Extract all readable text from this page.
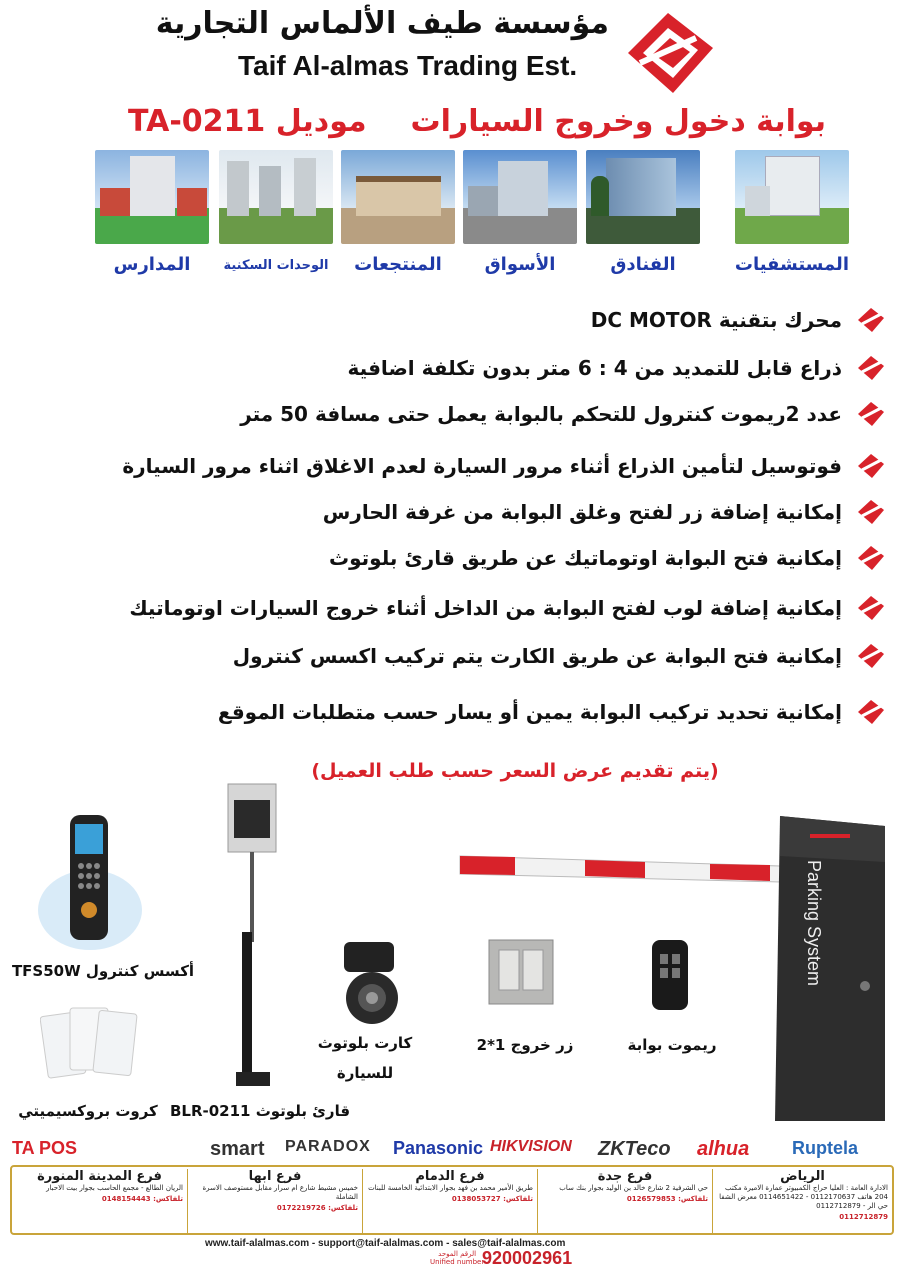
مؤسسة طيف الألماس التجارية
Taif Al-almas Trading Est.
بوابة دخول وخروج السيارات
موديل TA-0211
المستشفيات
الفنادق
الأسواق
المنتجعات
الوحدات السكنية
المدارس
محرك بتقنية DC MOTOR
ذراع قابل للتمديد من 4 : 6 متر بدون تكلفة اضافية
عدد 2ريموت كنترول للتحكم بالبوابة يعمل حتى مسافة 50 متر
فوتوسيل لتأمين الذراع أثناء مرور السيارة لعدم الاغلاق اثناء مرور السيارة
إمكانية إضافة زر لفتح وغلق البوابة من غرفة الحارس
إمكانية فتح البوابة اوتوماتيك عن طريق قارئ بلوتوث
إمكانية إضافة لوب لفتح البوابة من الداخل أثناء خروج السيارات اوتوماتيك
إمكانية فتح البوابة عن طريق الكارت يتم تركيب اكسس كنترول
إمكانية تحديد تركيب البوابة يمين أو يسار حسب متطلبات الموقع
(يتم تقديم عرض السعر حسب طلب العميل)
أكسس كنترول TFS50W
كروت بروكسيميتي قارئ بلوتوث BLR-0211
كارت بلوتوث
للسيارة
زر خروج 1*2	ريموت بوابة
Parking System
TA POS	smart PARADOX Panasonic HIKVISION ZKTeco alhua Ruptela
الرياض
الادارة العامة : العليا حراج الكمبيوتر عمارة الاميرة مكتب 204 هاتف 0112170637 - 0114651422 معرض الشفا حي الر - 0112712879
0112712879
فرع جدة
حي الشرفية 2 شارع خالد بن الوليد بجوار بنك ساب
تلفاكس: 0126579853
فرع الدمام
طريق الأمير محمد بن فهد بجوار الابتدائية الخامسة للبنات
تلفاكس: 0138053727
فرع ابها
خميس مشيط شارع ام سرار مقابل مستوصف الاسرة الشاملة
تلفاكس: 0172219726
فرع المدينة المنورة
الريان الطالع - مجمع الحاسب بجوار بيت الاحبار
تلفاكس: 0148154443
www.taif-alalmas.com - support@taif-alalmas.com - sales@taif-alalmas.com
الرقم الموحد
Unified number
920002961
